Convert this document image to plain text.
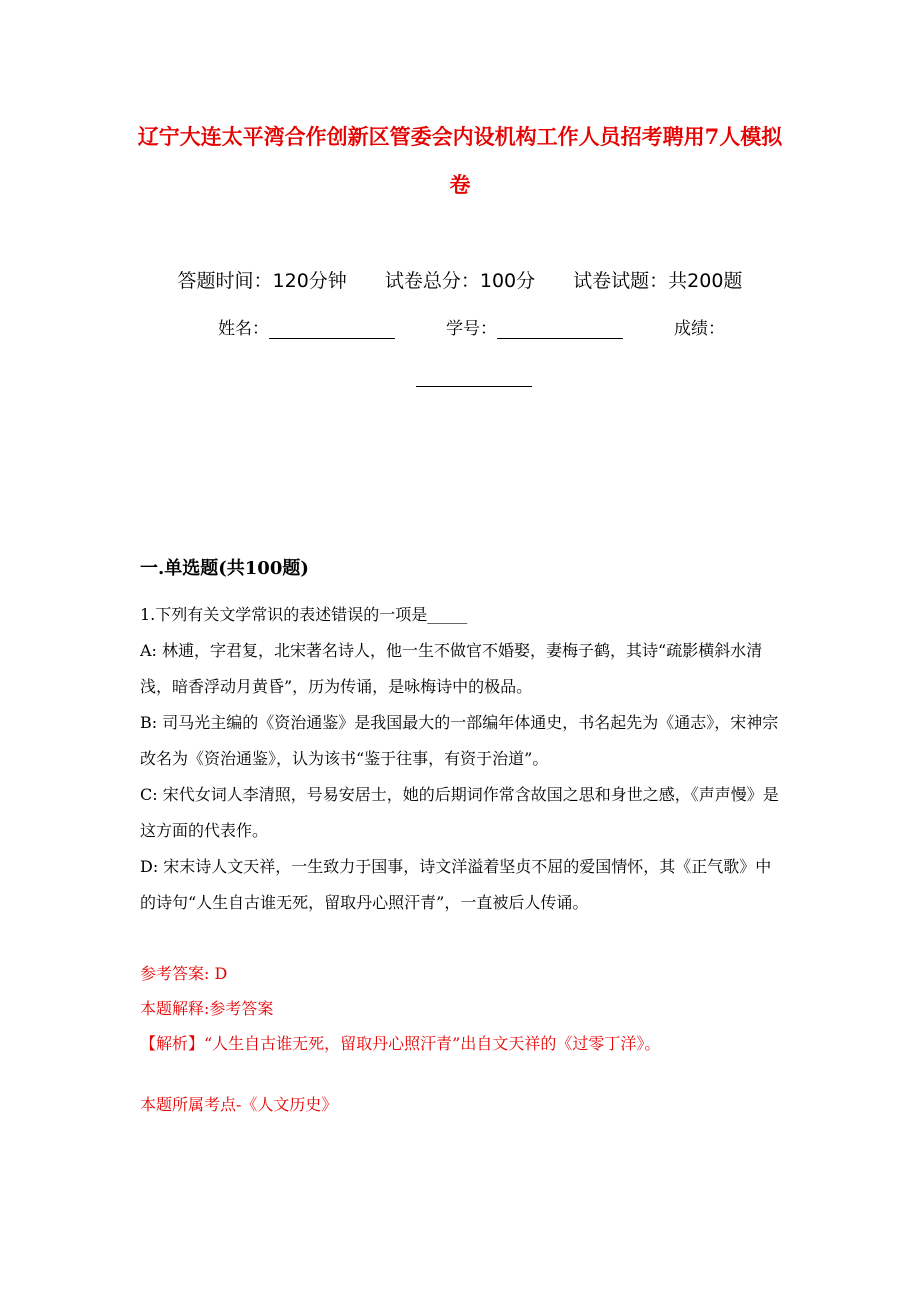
辽宁大连太平湾合作创新区管委会内设机构工作人员招考聘用7人模拟卷
答题时间：120分钟 试卷总分：100分 试卷试题：共200题
姓名：	学号：	成绩：
一.单选题(共100题)

1.下列有关文学常识的表述错误的一项是_____

A: 林逋，字君复，北宋著名诗人，他一生不做官不婚娶，妻梅子鹤，其诗“疏影横斜水清浅，暗香浮动月黄昏”，历为传诵，是咏梅诗中的极品。

B: 司马光主编的《资治通鉴》是我国最大的一部编年体通史，书名起先为《通志》，宋神宗改名为《资治通鉴》，认为该书“鉴于往事，有资于治道”。

C: 宋代女词人李清照，号易安居士，她的后期词作常含故国之思和身世之感，《声声慢》是这方面的代表作。

D: 宋末诗人文天祥，一生致力于国事，诗文洋溢着坚贞不屈的爱国情怀，其《正气歌》中的诗句“人生自古谁无死，留取丹心照汗青”，一直被后人传诵。

参考答案: D

本题解释:参考答案

【解析】“人生自古谁无死，留取丹心照汗青”出自文天祥的《过零丁洋》。

本题所属考点-《人文历史》
